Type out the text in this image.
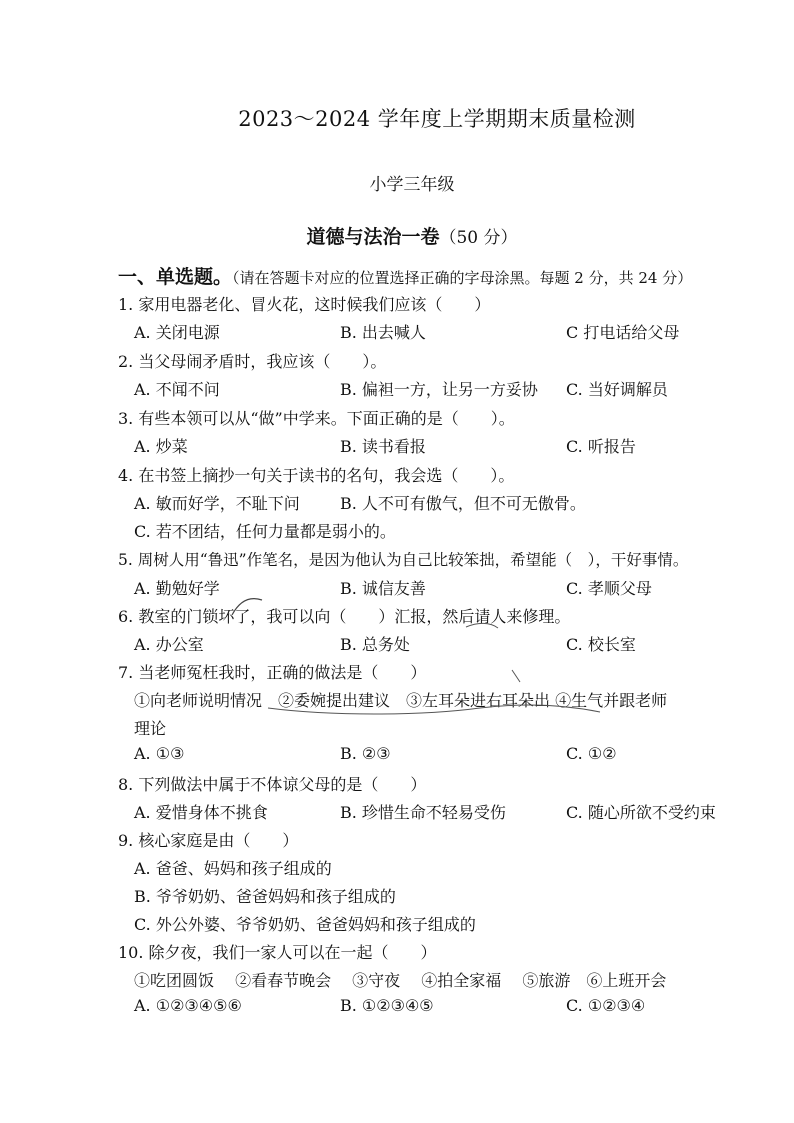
2023～2024 学年度上学期期末质量检测
小学三年级
道德与法治一卷（50 分）
一、单选题。（请在答题卡对应的位置选择正确的字母涂黑。每题 2 分，共 24 分）
1. 家用电器老化、冒火花，这时候我们应该（　　）
A. 关闭电源	B. 出去喊人	C 打电话给父母
2. 当父母闹矛盾时，我应该（　　）。
A. 不闻不问	B. 偏袒一方，让另一方妥协 C. 当好调解员
3. 有些本领可以从“做”中学来。下面正确的是（　　）。
A. 炒菜	B. 读书看报	C. 听报告
4. 在书签上摘抄一句关于读书的名句，我会选（　　）。
A. 敏而好学，不耻下问	B. 人不可有傲气，但不可无傲骨。
C. 若不团结，任何力量都是弱小的。
5. 周树人用“鲁迅”作笔名，是因为他认为自己比较笨拙，希望能（　），干好事情。
A. 勤勉好学	B. 诚信友善	C. 孝顺父母
6. 教室的门锁坏了，我可以向（　　）汇报，然后请人来修理。
A. 办公室	B. 总务处	C. 校长室
7. 当老师冤枉我时，正确的做法是（　　）
①向老师说明情况　②委婉提出建议　③左耳朵进右耳朵出 ④生气并跟老师
理论
A. ①③	B. ②③	C. ①②
8. 下列做法中属于不体谅父母的是（　　）
A. 爱惜身体不挑食	B. 珍惜生命不轻易受伤	C. 随心所欲不受约束
9. 核心家庭是由（　　）
A. 爸爸、妈妈和孩子组成的
B. 爷爷奶奶、爸爸妈妈和孩子组成的
C. 外公外婆、爷爷奶奶、爸爸妈妈和孩子组成的
10. 除夕夜，我们一家人可以在一起（　　）
①吃团圆饭　 ②看春节晚会　 ③守夜　 ④拍全家福　 ⑤旅游　⑥上班开会
A. ①②③④⑤⑥	B. ①②③④⑤	C. ①②③④
